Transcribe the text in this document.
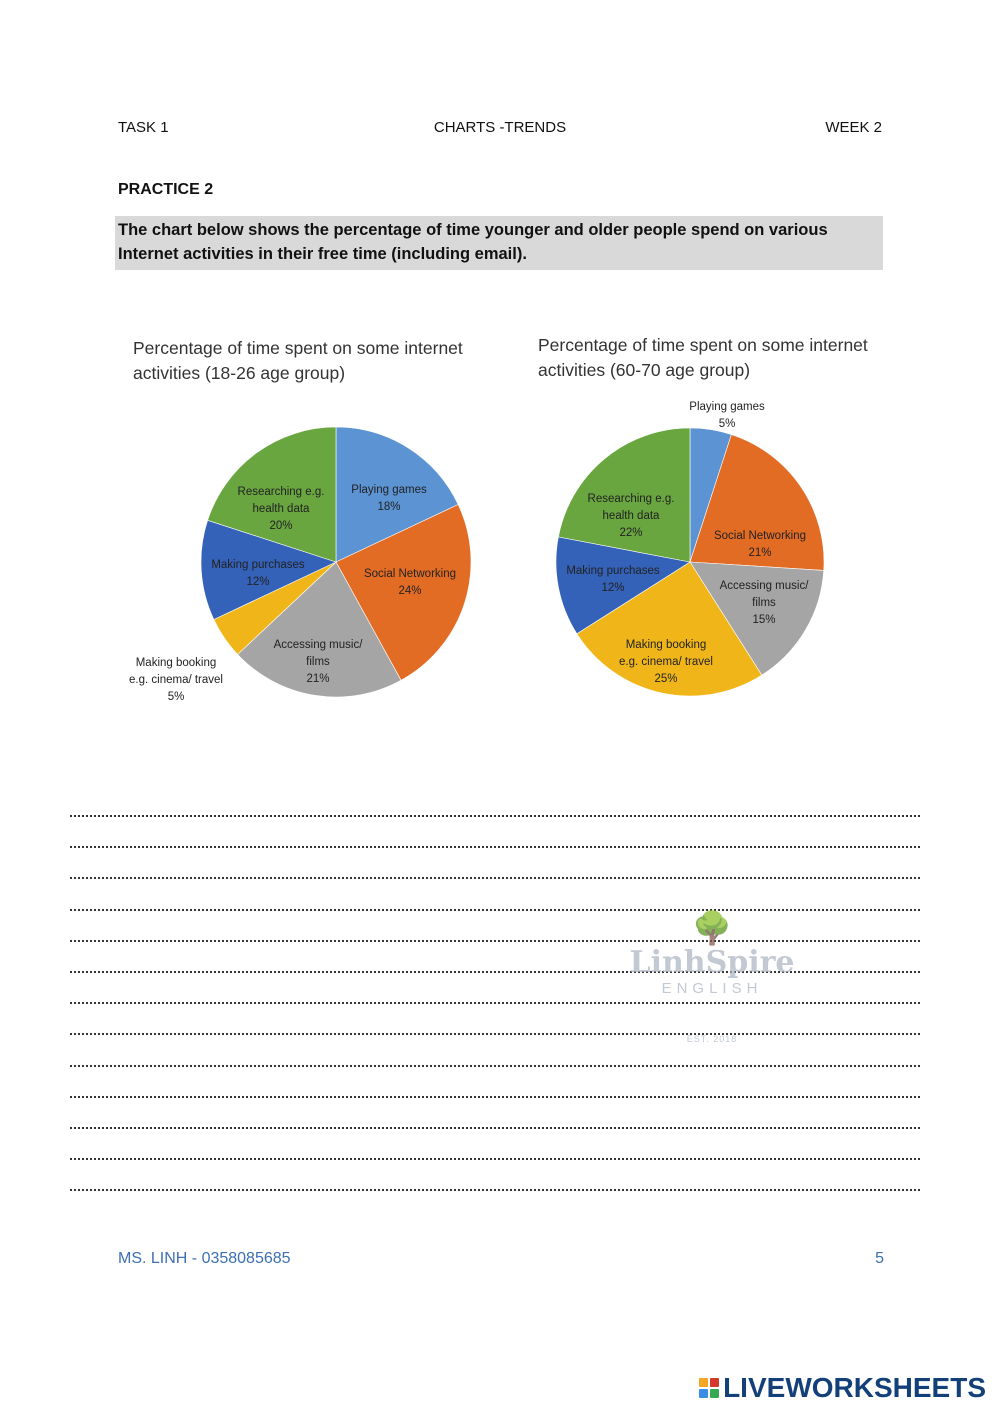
TASK 1	CHARTS -TRENDS	WEEK 2
PRACTICE 2
The chart below shows the percentage of time younger and older people spend on various Internet activities in their free time (including email).
Percentage of time spent on some internet activities (18-26 age group)
Percentage of time spent on some internet activities (60-70 age group)
Playing games 18%
Social Networking 24%
Accessing music/ films 21%
Making booking e.g. cinema/ travel 5%
Making purchases 12%
Researching e.g. health data 20%
Playing games 5%
Social Networking 21%
Accessing music/ films 15%
Making booking e.g. cinema/ travel 25%
Making purchases 12%
Researching e.g. health data 22%
🌳
LinhSpire
ENGLISH
EST. 2018
MS. LINH - 0358085685	5
LIVEWORKSHEETS
